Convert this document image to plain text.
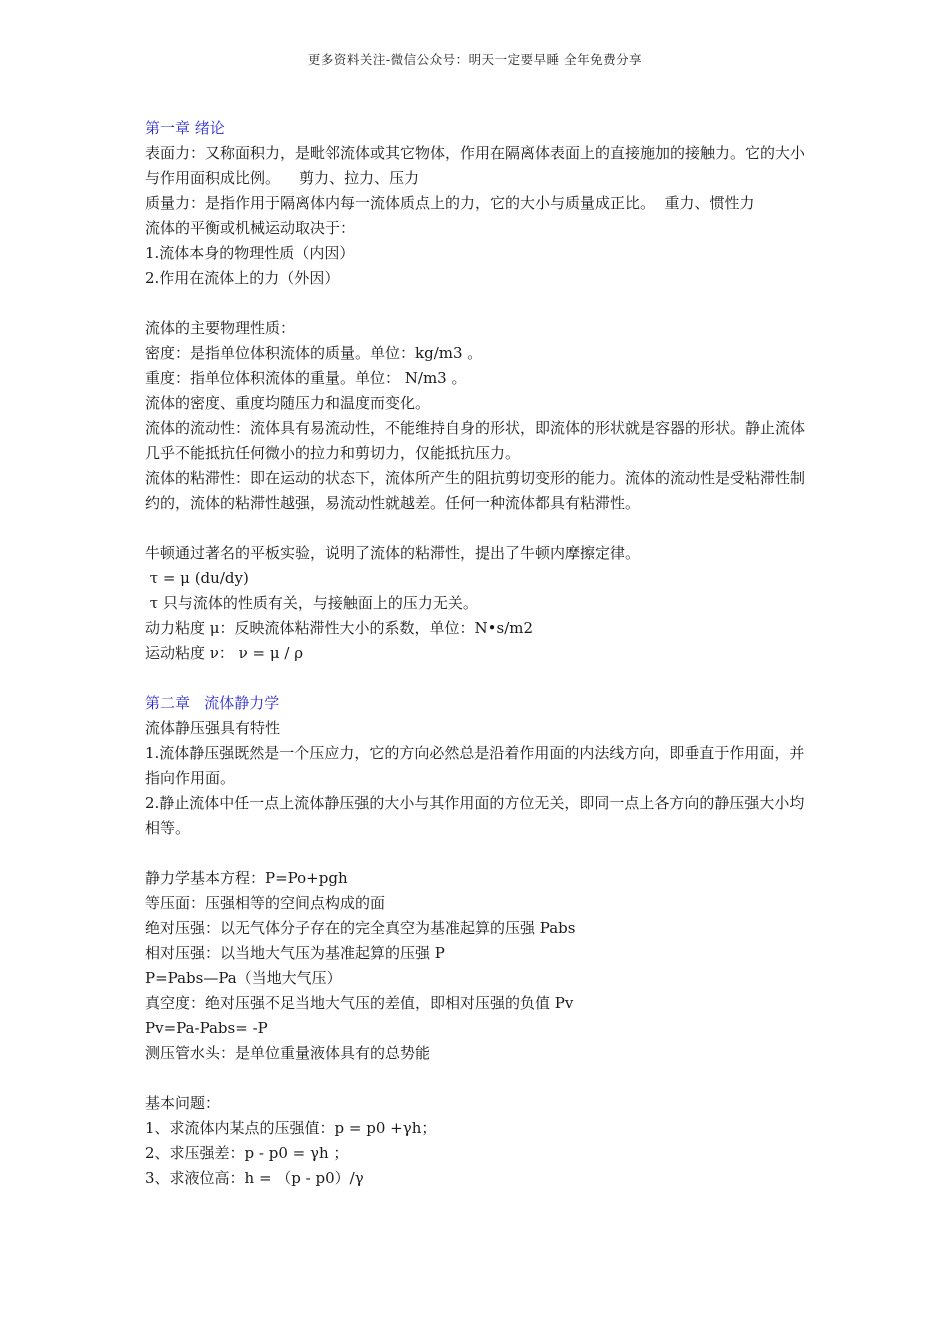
更多资料关注-微信公众号：明天一定要早睡 全年免费分享
第一章 绪论
表面力：又称面积力，是毗邻流体或其它物体，作用在隔离体表面上的直接施加的接触力。它的大小与作用面积成比例。    剪力、拉力、压力
质量力：是指作用于隔离体内每一流体质点上的力，它的大小与质量成正比。  重力、惯性力
流体的平衡或机械运动取决于：
1.流体本身的物理性质（内因）
2.作用在流体上的力（外因）
流体的主要物理性质：
密度：是指单位体积流体的质量。单位：kg/m3 。
重度：指单位体积流体的重量。单位： N/m3 。
流体的密度、重度均随压力和温度而变化。
流体的流动性：流体具有易流动性，不能维持自身的形状，即流体的形状就是容器的形状。静止流体几乎不能抵抗任何微小的拉力和剪切力，仅能抵抗压力。
流体的粘滞性：即在运动的状态下，流体所产生的阻抗剪切变形的能力。流体的流动性是受粘滞性制约的，流体的粘滞性越强，易流动性就越差。任何一种流体都具有粘滞性。
牛顿通过著名的平板实验，说明了流体的粘滞性，提出了牛顿内摩擦定律。
τ = μ (du/dy)
τ 只与流体的性质有关，与接触面上的压力无关。
动力粘度 μ：反映流体粘滞性大小的系数，单位：N•s/m2
运动粘度 ν： ν = μ / ρ
第二章   流体静力学
流体静压强具有特性
1.流体静压强既然是一个压应力，它的方向必然总是沿着作用面的内法线方向，即垂直于作用面，并指向作用面。
2.静止流体中任一点上流体静压强的大小与其作用面的方位无关，即同一点上各方向的静压强大小均相等。
静力学基本方程：P=Po+pgh
等压面：压强相等的空间点构成的面
绝对压强：以无气体分子存在的完全真空为基准起算的压强 Pabs
相对压强：以当地大气压为基准起算的压强 P
P=Pabs—Pa（当地大气压）
真空度：绝对压强不足当地大气压的差值，即相对压强的负值 Pv
Pv=Pa-Pabs= -P
测压管水头：是单位重量液体具有的总势能
基本问题：
1、求流体内某点的压强值：p = p0 +γh；
2、求压强差：p - p0 = γh ；
3、求液位高：h = （p - p0）/γ
